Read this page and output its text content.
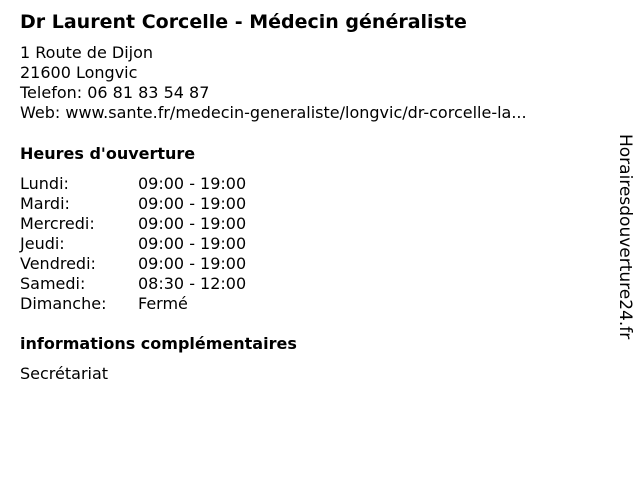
Dr Laurent Corcelle - Médecin généraliste
1 Route de Dijon
21600 Longvic
Telefon: 06 81 83 54 87
Web: www.sante.fr/medecin-generaliste/longvic/dr-corcelle-la...
Heures d'ouverture
Lundi:	09:00 - 19:00
Mardi:	09:00 - 19:00
Mercredi:	09:00 - 19:00
Jeudi:	09:00 - 19:00
Vendredi:	09:00 - 19:00
Samedi:	08:30 - 12:00
Dimanche:	Fermé
informations complémentaires
Secrétariat
Horairesdouverture24.fr
